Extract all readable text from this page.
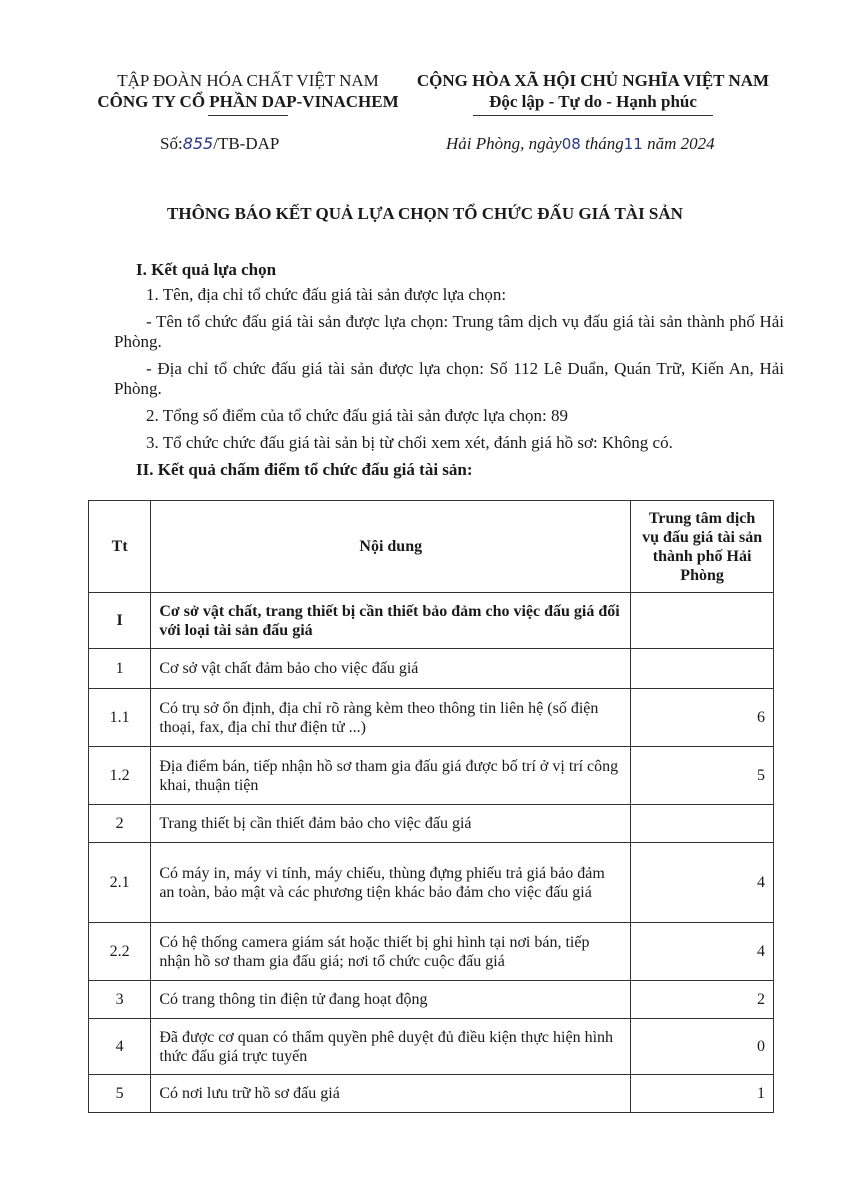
TẬP ĐOÀN HÓA CHẤT VIỆT NAM
CÔNG TY CỔ PHẦN DAP-VINACHEM
CỘNG HÒA XÃ HỘI CHỦ NGHĨA VIỆT NAM
Độc lập - Tự do - Hạnh phúc
Số:855/TB-DAP	Hải Phòng, ngày08 tháng11 năm 2024
THÔNG BÁO KẾT QUẢ LỰA CHỌN TỔ CHỨC ĐẤU GIÁ TÀI SẢN

I. Kết quả lựa chọn

1. Tên, địa chỉ tổ chức đấu giá tài sản được lựa chọn:

- Tên tổ chức đấu giá tài sản được lựa chọn: Trung tâm dịch vụ đấu giá tài sản thành phố Hải Phòng.

- Địa chỉ tổ chức đấu giá tài sản được lựa chọn: Số 112 Lê Duẩn, Quán Trữ, Kiến An, Hải Phòng.

2. Tổng số điểm của tổ chức đấu giá tài sản được lựa chọn: 89

3. Tổ chức chức đấu giá tài sản bị từ chối xem xét, đánh giá hồ sơ: Không có.

II. Kết quả chấm điểm tổ chức đấu giá tài sản:

Tt	Nội dung	Trung tâm dịch vụ đấu giá tài sản thành phố Hải Phòng
I	Cơ sở vật chất, trang thiết bị cần thiết bảo đảm cho việc đấu giá đối với loại tài sản đấu giá	
1	Cơ sở vật chất đảm bảo cho việc đấu giá	
1.1	Có trụ sở ổn định, địa chỉ rõ ràng kèm theo thông tin liên hệ (số điện thoại, fax, địa chỉ thư điện tử ...)	6
1.2	Địa điểm bán, tiếp nhận hồ sơ tham gia đấu giá được bố trí ở vị trí công khai, thuận tiện	5
2	Trang thiết bị cần thiết đảm bảo cho việc đấu giá	
2.1	Có máy in, máy vi tính, máy chiếu, thùng đựng phiếu trả giá bảo đảm an toàn, bảo mật và các phương tiện khác bảo đảm cho việc đấu giá	4
2.2	Có hệ thống camera giám sát hoặc thiết bị ghi hình tại nơi bán, tiếp nhận hồ sơ tham gia đấu giá; nơi tổ chức cuộc đấu giá	4
3	Có trang thông tin điện tử đang hoạt động	2
4	Đã được cơ quan có thẩm quyền phê duyệt đủ điều kiện thực hiện hình thức đấu giá trực tuyến	0
5	Có nơi lưu trữ hồ sơ đấu giá	1
